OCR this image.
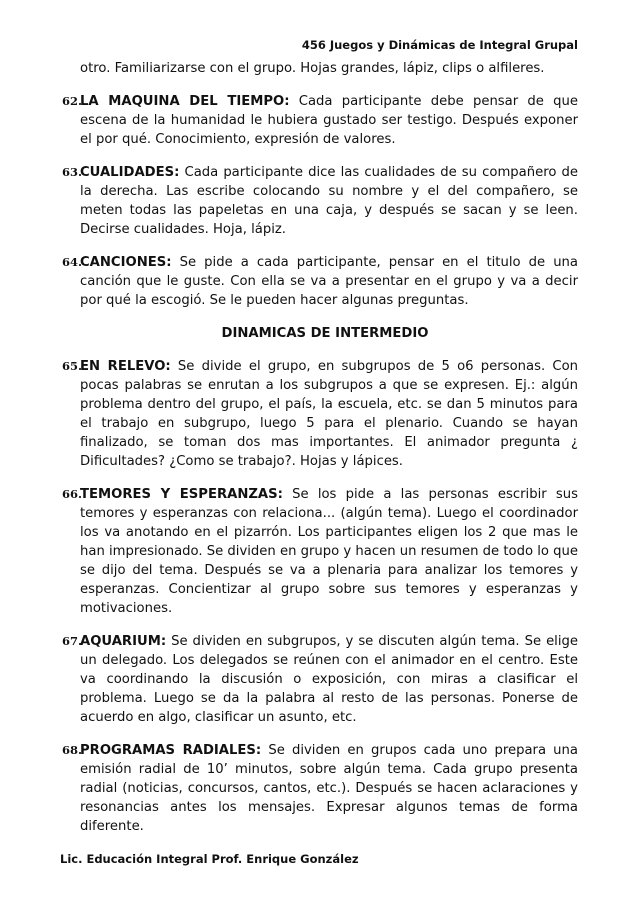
456 Juegos y Dinámicas de Integral Grupal
otro. Familiarizarse con el grupo. Hojas grandes, lápiz, clips o alfileres.
62.
LA MAQUINA DEL TIEMPO: Cada participante debe pensar de que escena de la humanidad le hubiera gustado ser testigo. Después exponer el por qué. Conocimiento, expresión de valores.
63.
CUALIDADES: Cada participante dice las cualidades de su compañero de la derecha. Las escribe colocando su nombre y el del compañero, se meten todas las papeletas en una caja, y después se sacan y se leen. Decirse cualidades. Hoja, lápiz.
64.
CANCIONES: Se pide a cada participante, pensar en el titulo de una canción que le guste. Con ella se va a presentar en el grupo y va a decir por qué la escogió. Se le pueden hacer algunas preguntas.
DINAMICAS DE INTERMEDIO
65.
EN RELEVO: Se divide el grupo, en subgrupos de 5 o6 personas. Con pocas palabras se enrutan a los subgrupos a que se expresen. Ej.: algún problema dentro del grupo, el país, la escuela, etc. se dan 5 minutos para el trabajo en subgrupo, luego 5 para el plenario. Cuando se hayan finalizado, se toman dos mas importantes. El animador pregunta ¿ Dificultades? ¿Como se trabajo?. Hojas y lápices.
66.
TEMORES Y ESPERANZAS: Se los pide a las personas escribir sus temores y esperanzas con relaciona... (algún tema). Luego el coordinador los va anotando en el pizarrón. Los participantes eligen los 2 que mas le han impresionado. Se dividen en grupo y hacen un resumen de todo lo que se dijo del tema. Después se va a plenaria para analizar los temores y esperanzas. Concientizar al grupo sobre sus temores y esperanzas y motivaciones.
67.
AQUARIUM: Se dividen en subgrupos, y se discuten algún tema. Se elige un delegado. Los delegados se reúnen con el animador en el centro. Este va coordinando la discusión o exposición, con miras a clasificar el problema. Luego se da la palabra al resto de las personas. Ponerse de acuerdo en algo, clasificar un asunto, etc.
68.
PROGRAMAS RADIALES: Se dividen en grupos cada uno prepara una emisión radial de 10’ minutos, sobre algún tema. Cada grupo presenta radial (noticias, concursos, cantos, etc.). Después se hacen aclaraciones y resonancias antes los mensajes. Expresar algunos temas de forma diferente.
Lic. Educación Integral Prof. Enrique González
